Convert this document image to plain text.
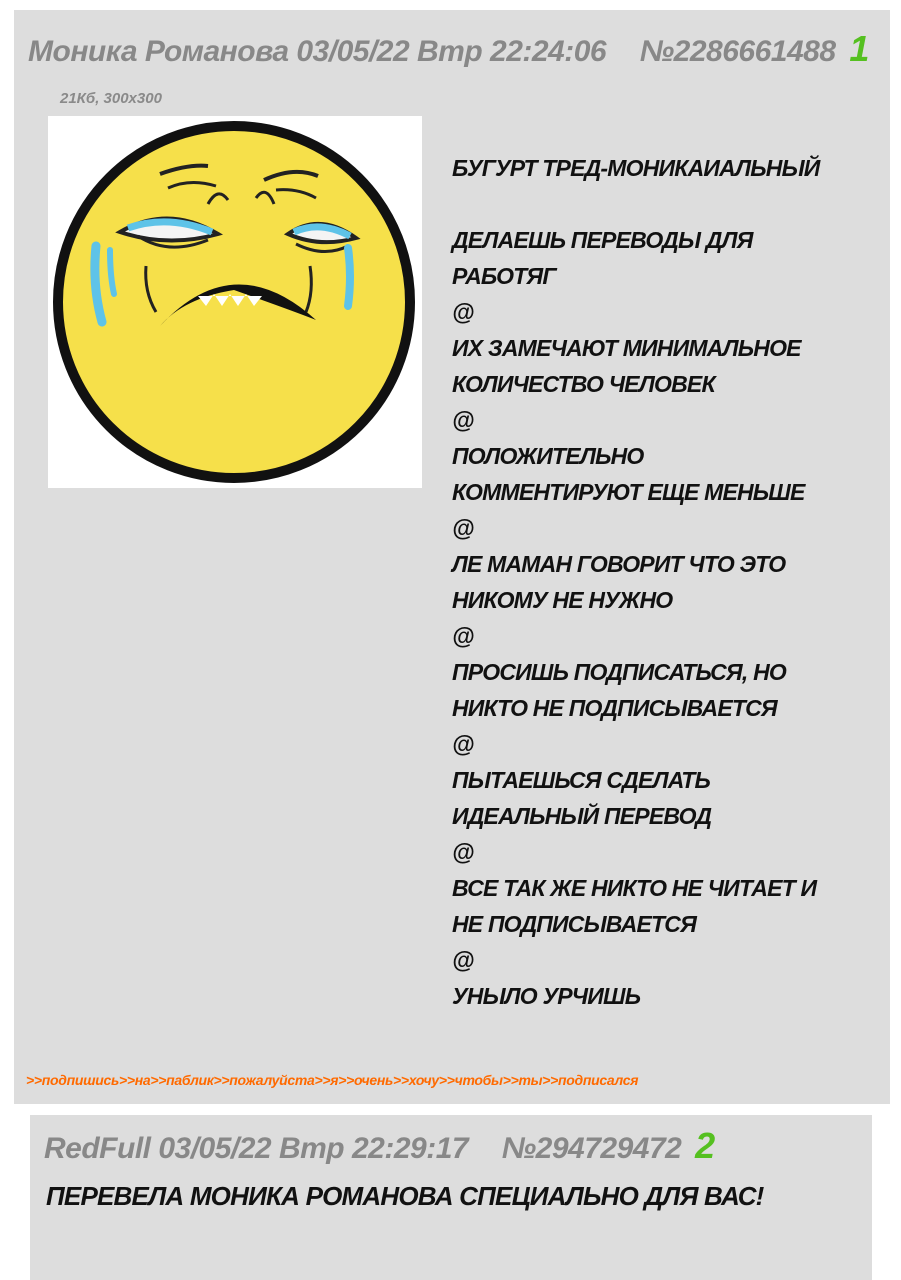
Моника Романова 03/05/22 Втр 22:24:06 №2286661488 1
21Кб, 300x300
БУГУРТ ТРЕД-МОНИКАИАЛЬНЫЙ
ДЕЛАЕШЬ ПЕРЕВОДЫ ДЛЯ
РАБОТЯГ
@
ИХ ЗАМЕЧАЮТ МИНИМАЛЬНОЕ
КОЛИЧЕСТВО ЧЕЛОВЕК
@
ПОЛОЖИТЕЛЬНО
КОММЕНТИРУЮТ ЕЩЕ МЕНЬШЕ
@
ЛЕ МАМАН ГОВОРИТ ЧТО ЭТО
НИКОМУ НЕ НУЖНО
@
ПРОСИШЬ ПОДПИСАТЬСЯ, НО
НИКТО НЕ ПОДПИСЫВАЕТСЯ
@
ПЫТАЕШЬСЯ СДЕЛАТЬ
ИДЕАЛЬНЫЙ ПЕРЕВОД
@
ВСЕ ТАК ЖЕ НИКТО НЕ ЧИТАЕТ И
НЕ ПОДПИСЫВАЕТСЯ
@
УНЫЛО УРЧИШЬ
>>подпишись>>на>>паблик>>пожалуйста>>я>>очень>>хочу>>чтобы>>ты>>подписался
RedFull 03/05/22 Втр 22:29:17 №294729472 2
ПЕРЕВЕЛА МОНИКА РОМАНОВА СПЕЦИАЛЬНО ДЛЯ ВАС!
